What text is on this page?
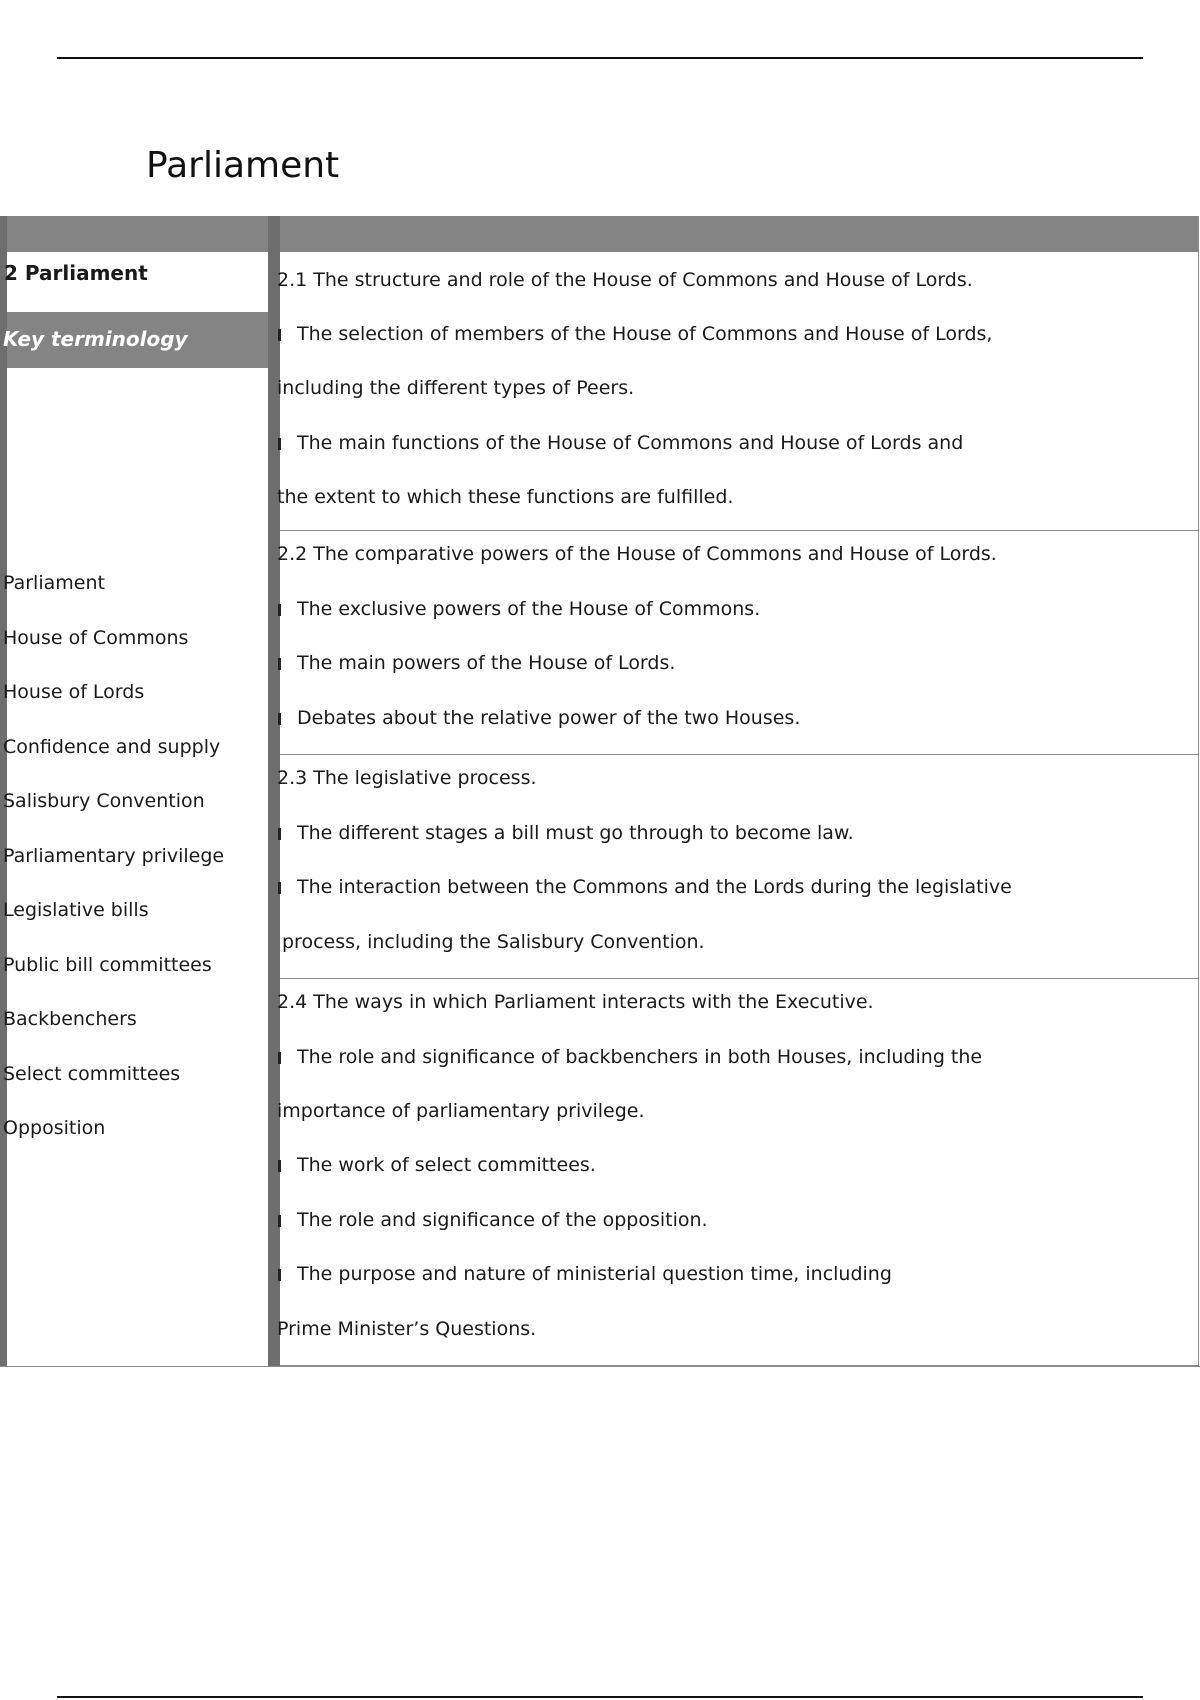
Parliament
2 Parliament
Key terminology
Parliament
House of Commons
House of Lords
Confidence and supply
Salisbury Convention
Parliamentary privilege
Legislative bills
Public bill committees
Backbenchers
Select committees
Opposition
2.1 The structure and role of the House of Commons and House of Lords.
The selection of members of the House of Commons and House of Lords,
including the different types of Peers.
The main functions of the House of Commons and House of Lords and
the extent to which these functions are fulfilled.
2.2 The comparative powers of the House of Commons and House of Lords.
The exclusive powers of the House of Commons.
The main powers of the House of Lords.
Debates about the relative power of the two Houses.
2.3 The legislative process.
The different stages a bill must go through to become law.
The interaction between the Commons and the Lords during the legislative
process, including the Salisbury Convention.
2.4 The ways in which Parliament interacts with the Executive.
The role and significance of backbenchers in both Houses, including the
importance of parliamentary privilege.
The work of select committees.
The role and significance of the opposition.
The purpose and nature of ministerial question time, including
Prime Minister’s Questions.
